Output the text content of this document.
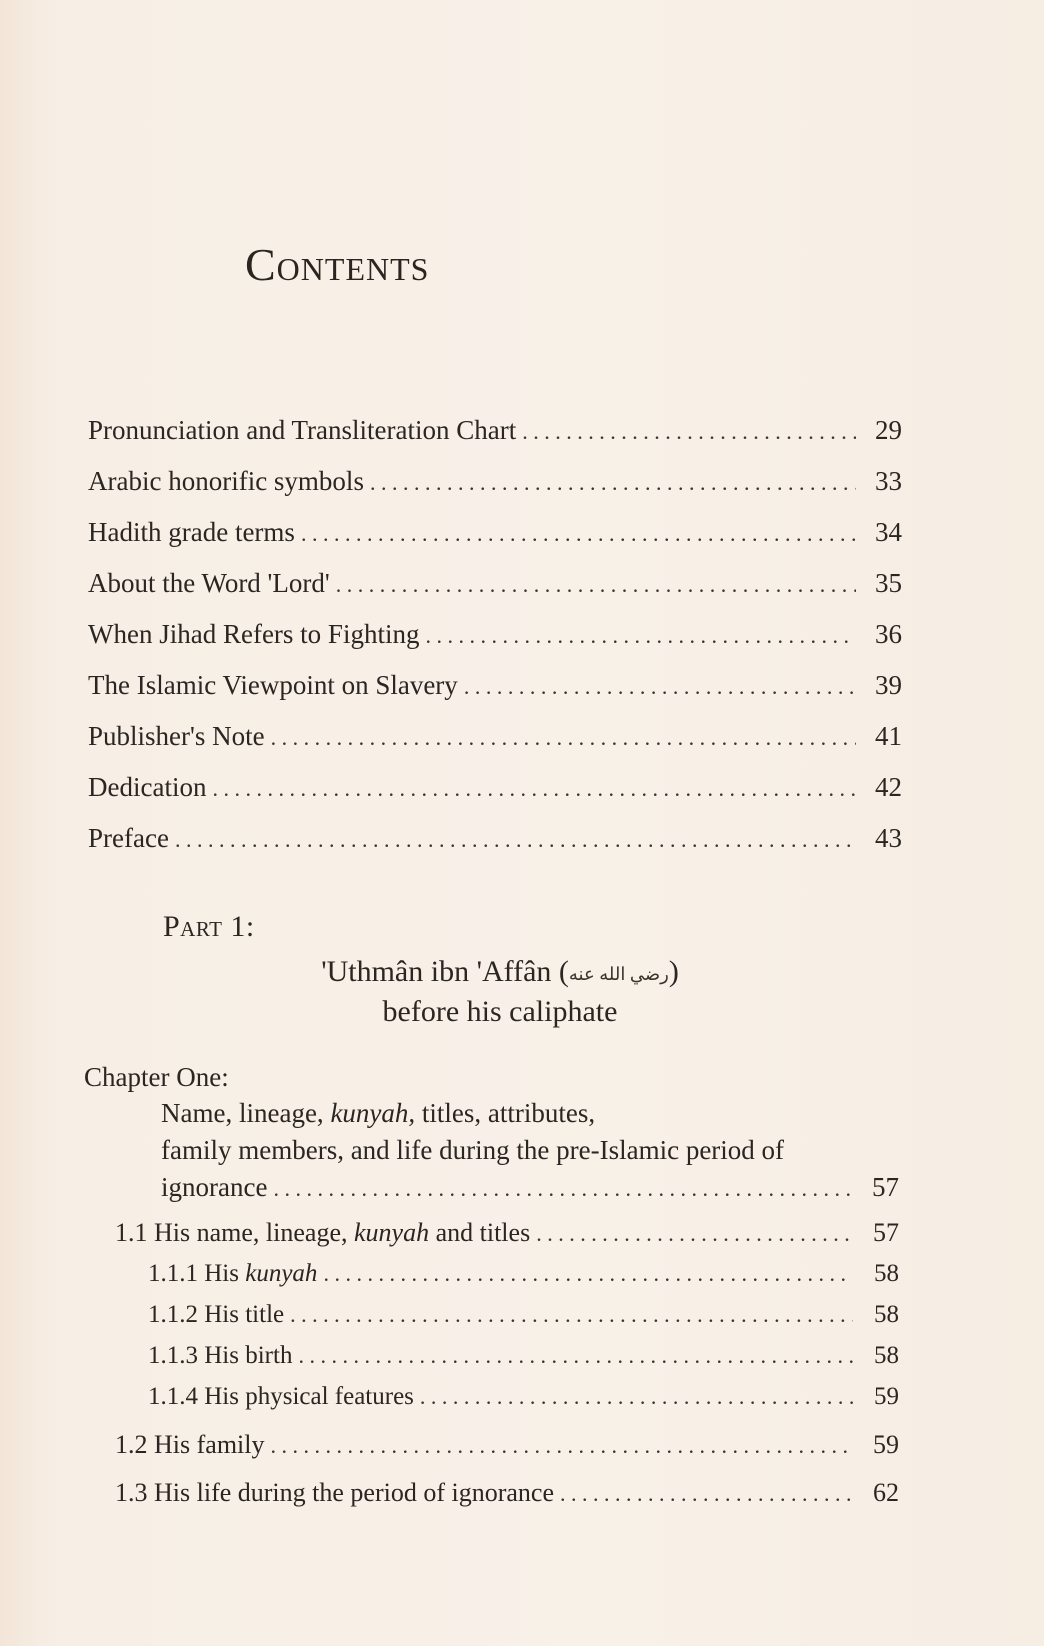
Contents
Pronunciation and Transliteration Chart . . .	29
Arabic honorific symbols . . .	33
Hadith grade terms . . .	34
About the Word 'Lord' . . .	35
When Jihad Refers to Fighting . . .	36
The Islamic Viewpoint on Slavery . . .	39
Publisher's Note . . .	41
Dedication . . .	42
Preface . . .	43
Part 1:
'Uthmân ibn 'Affân (رضي الله عنه)
before his caliphate
Chapter One:
Name, lineage, kunyah, titles, attributes,
family members, and life during the pre-Islamic period of
ignorance . . .	57
1.1 His name, lineage, kunyah and titles . . .	57
1.1.1 His kunyah . . .	58
1.1.2 His title . . .	58
1.1.3 His birth . . .	58
1.1.4 His physical features . . .	59
1.2 His family . . .	59
1.3 His life during the period of ignorance . . .	62
